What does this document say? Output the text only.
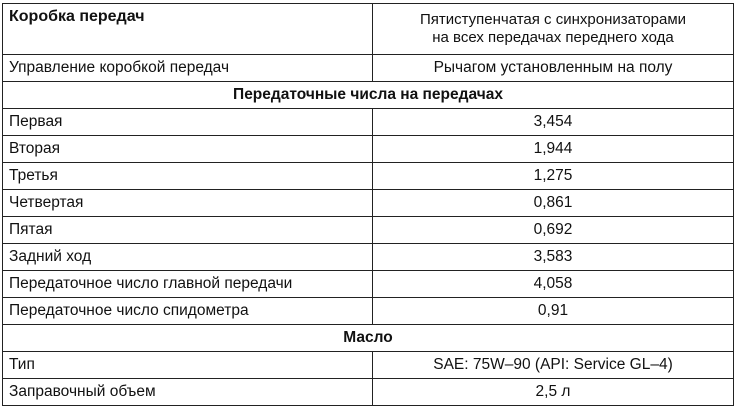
Коробка передач	Пятиступенчатая с синхронизаторами
на всех передачах переднего хода

Управление коробкой передач	Рычагом установленным на полу
Передаточные числа на передачах	
Первая	3,454
Вторая	1,944
Третья	1,275
Четвертая	0,861
Пятая	0,692
Задний ход	3,583
Передаточное число главной передачи	4,058
Передаточное число спидометра	0,91
Масло	
Тип	SAE: 75W–90 (API: Service GL–4)
Заправочный объем	2,5 л
